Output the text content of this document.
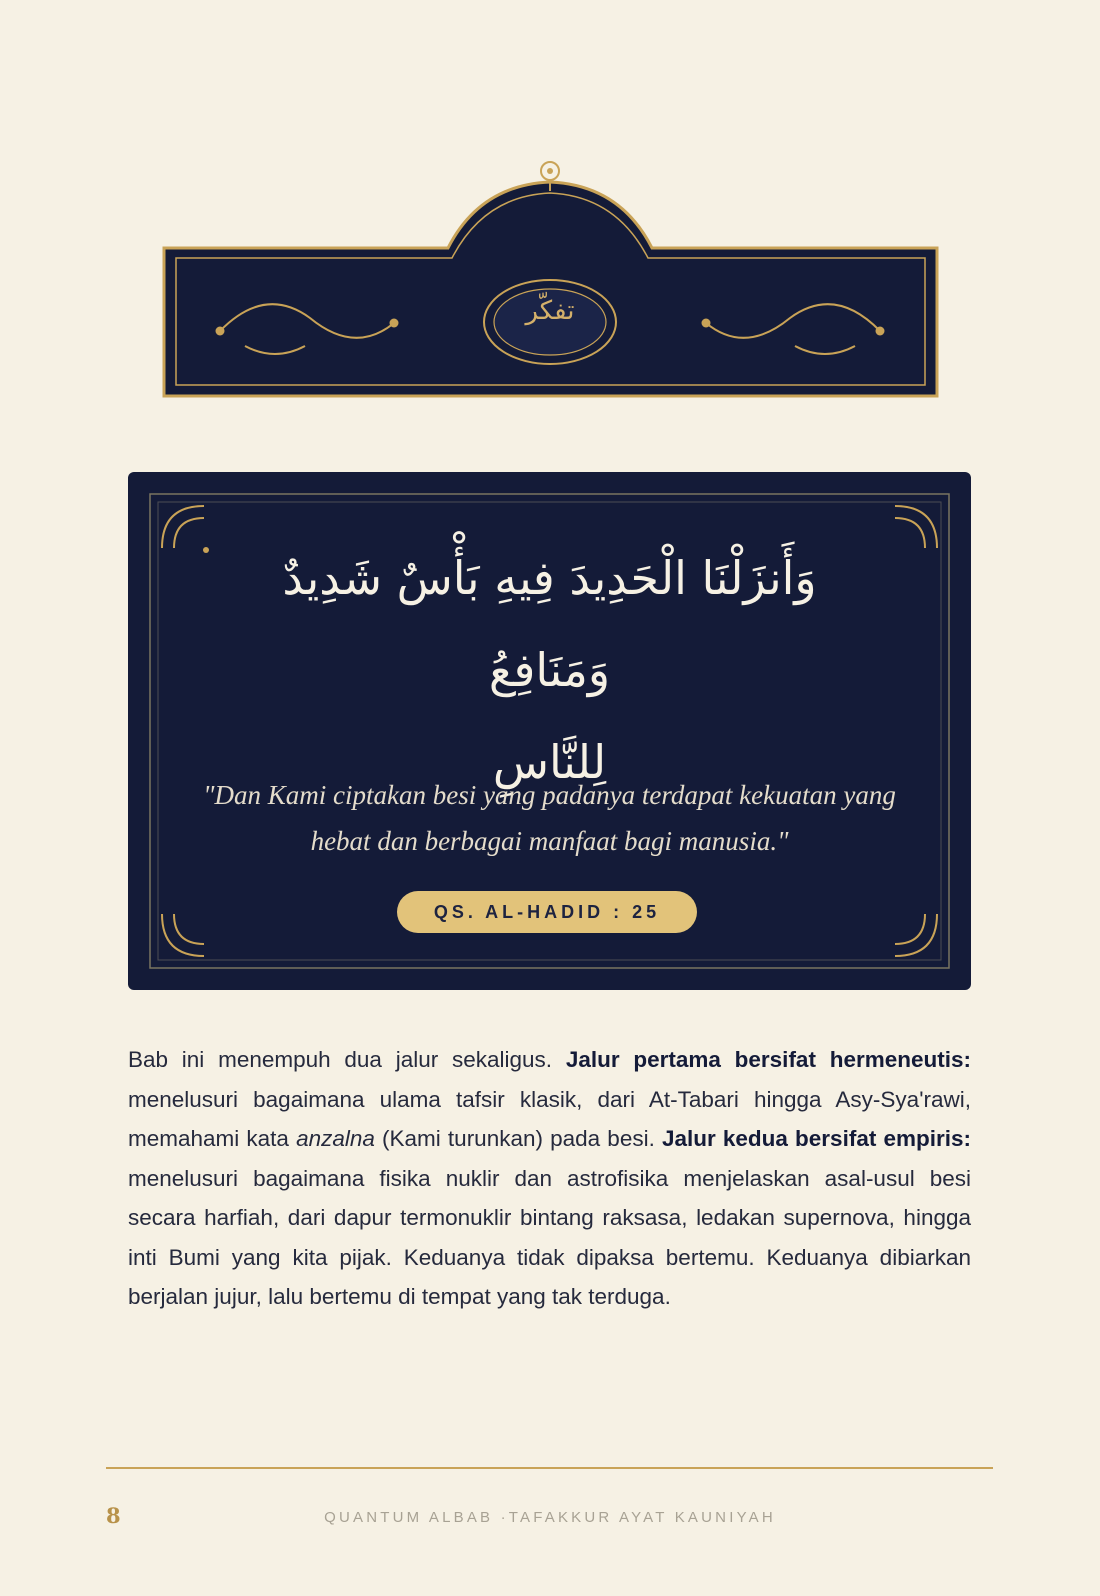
تفكّر
وَأَنزَلْنَا الْحَدِيدَ فِيهِ بَأْسٌ شَدِيدٌ وَمَنَافِعُ
لِلنَّاسِ
"Dan Kami ciptakan besi yang padanya terdapat kekuatan yang hebat dan berbagai manfaat bagi manusia."
QS. AL-HADID : 25
Bab ini menempuh dua jalur sekaligus. Jalur pertama bersifat hermeneutis: menelusuri bagaimana ulama tafsir klasik, dari At-Tabari hingga Asy-Sya'rawi, memahami kata anzalna (Kami turunkan) pada besi. Jalur kedua bersifat empiris: menelusuri bagaimana fisika nuklir dan astrofisika menjelaskan asal-usul besi secara harfiah, dari dapur termonuklir bintang raksasa, ledakan supernova, hingga inti Bumi yang kita pijak. Keduanya tidak dipaksa bertemu. Keduanya dibiarkan berjalan jujur, lalu bertemu di tempat yang tak terduga.
8	QUANTUM ALBAB ·TAFAKKUR AYAT KAUNIYAH
